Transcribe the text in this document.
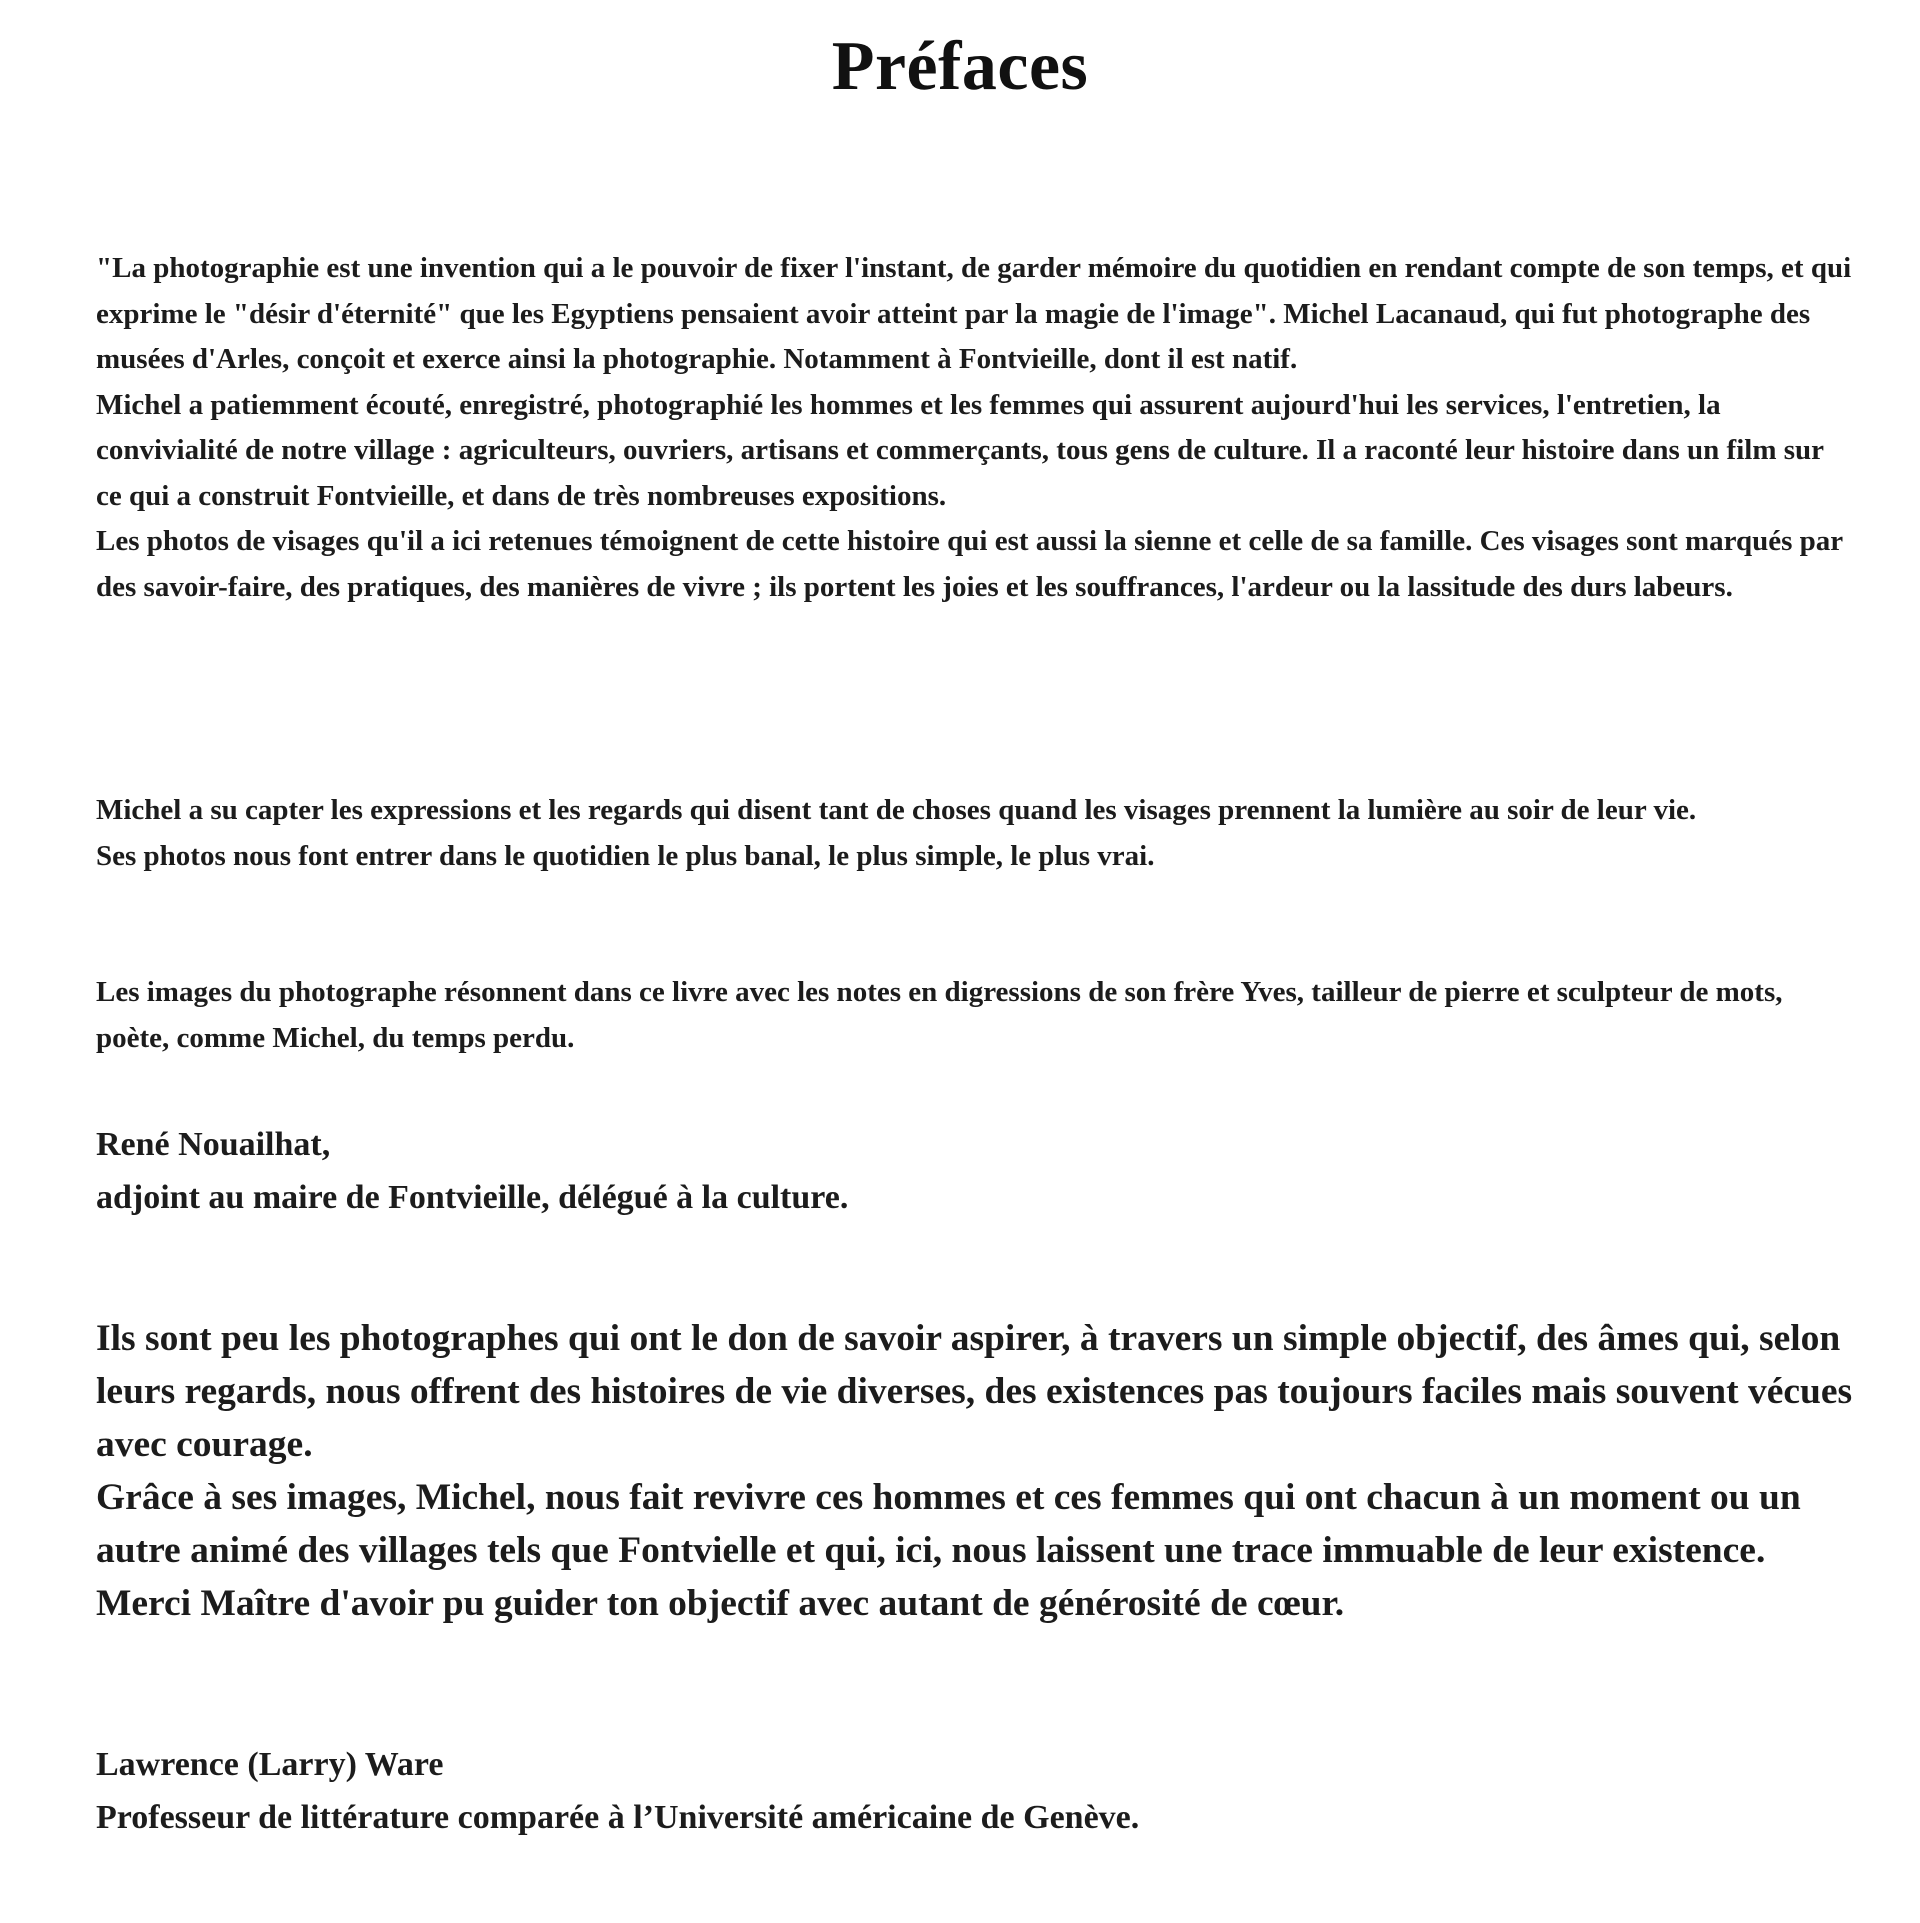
Préfaces
"La photographie est une invention qui a le pouvoir de fixer l'instant, de garder mémoire du quotidien en rendant compte de son temps, et qui exprime le "désir d'éternité" que les Egyptiens pensaient avoir atteint par la magie de l'image". Michel Lacanaud, qui fut photographe des musées d'Arles, conçoit et exerce ainsi la photographie. Notamment à Fontvieille, dont il est natif.
Michel a patiemment écouté, enregistré, photographié les hommes et les femmes qui assurent aujourd'hui les services, l'entretien, la convivialité de notre village : agriculteurs, ouvriers, artisans et commerçants, tous gens de culture. Il a raconté leur histoire dans un film sur ce qui a construit Fontvieille, et dans de très nombreuses expositions.
Les photos de visages qu'il a ici retenues témoignent de cette histoire qui est aussi la sienne et celle de sa famille. Ces visages sont marqués par des savoir-faire, des pratiques, des manières de vivre ; ils portent les joies et les souffrances, l'ardeur ou la lassitude des durs labeurs.
Michel a su capter les expressions et les regards qui disent tant de choses quand les visages prennent la lumière au soir de leur vie.
Ses photos nous font entrer dans le quotidien le plus banal, le plus simple, le plus vrai.
Les images du photographe résonnent dans ce livre avec les notes en digressions de son frère Yves, tailleur de pierre et sculpteur de mots, poète, comme Michel, du temps perdu.
René Nouailhat,
adjoint au maire de Fontvieille, délégué à la culture.
Ils sont peu les photographes qui ont le don de savoir aspirer, à travers un simple objectif, des âmes qui, selon leurs regards, nous offrent des histoires de vie diverses, des existences pas toujours faciles mais souvent vécues avec courage.
Grâce à ses images, Michel, nous fait revivre ces hommes et ces femmes qui ont chacun à un moment ou un autre animé des villages tels que Fontvielle et qui, ici, nous laissent une trace immuable de leur existence.
Merci Maître d'avoir pu guider ton objectif avec autant de générosité de cœur.
Lawrence (Larry) Ware
Professeur de littérature comparée à l’Université américaine de Genève.
